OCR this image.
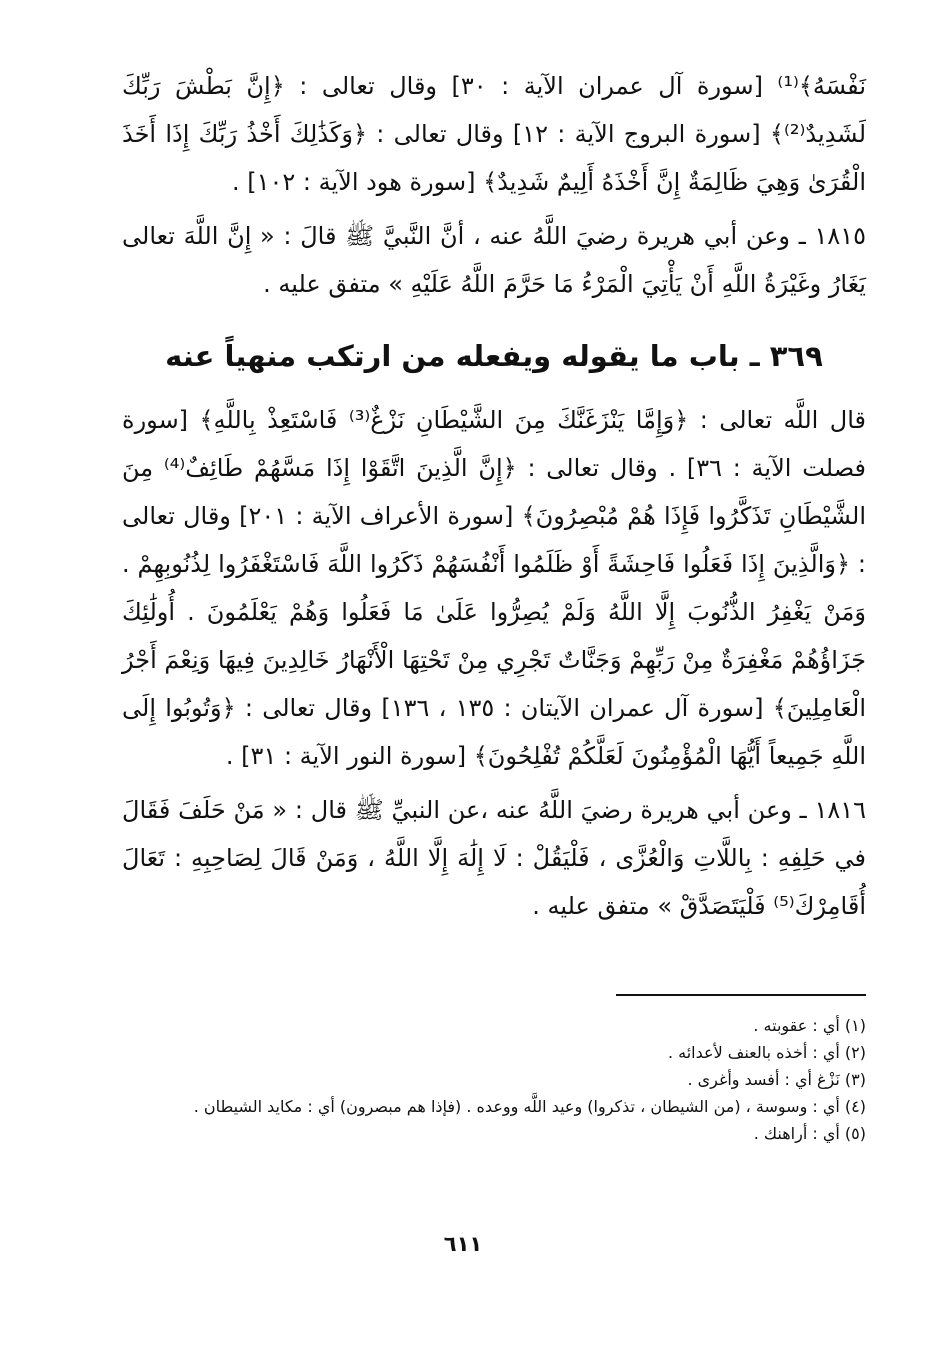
نَفْسَهُ﴾⁽¹⁾ [سورة آل عمران الآية : ٣٠] وقال تعالى : ﴿إِنَّ بَطْشَ رَبِّكَ لَشَدِيدٌ⁽²⁾﴾ [سورة البروج الآية : ١٢] وقال تعالى : ﴿وَكَذَٰلِكَ أَخْذُ رَبِّكَ إِذَا أَخَذَ الْقُرَىٰ وَهِيَ ظَالِمَةٌ إِنَّ أَخْذَهُ أَلِيمٌ شَدِيدٌ﴾ [سورة هود الآية : ١٠٢] .

١٨١٥ ـ وعن أبي هريرة رضيَ اللَّهُ عنه ، أنَّ النَّبيَّ ﷺ قالَ : « إِنَّ اللَّهَ تعالى يَغَارُ وغَيْرَةُ اللَّهِ أَنْ يَأْتِيَ الْمَرْءُ مَا حَرَّمَ اللَّهُ عَلَيْهِ » متفق عليه .

٣٦٩ ـ باب ما يقوله ويفعله من ارتكب منهياً عنه

قال اللَّه تعالى : ﴿وَإِمَّا يَنْزَغَنَّكَ مِنَ الشَّيْطَانِ نَزْغٌ⁽³⁾ فَاسْتَعِذْ بِاللَّهِ﴾ [سورة فصلت الآية : ٣٦] . وقال تعالى : ﴿إِنَّ الَّذِينَ اتَّقَوْا إِذَا مَسَّهُمْ طَائِفٌ⁽⁴⁾ مِنَ الشَّيْطَانِ تَذَكَّرُوا فَإِذَا هُمْ مُبْصِرُونَ﴾ [سورة الأعراف الآية : ٢٠١] وقال تعالى : ﴿وَالَّذِينَ إِذَا فَعَلُوا فَاحِشَةً أَوْ ظَلَمُوا أَنْفُسَهُمْ ذَكَرُوا اللَّهَ فَاسْتَغْفَرُوا لِذُنُوبِهِمْ . وَمَنْ يَغْفِرُ الذُّنُوبَ إِلَّا اللَّهُ وَلَمْ يُصِرُّوا عَلَىٰ مَا فَعَلُوا وَهُمْ يَعْلَمُونَ . أُولَٰئِكَ جَزَاؤُهُمْ مَغْفِرَةٌ مِنْ رَبِّهِمْ وَجَنَّاتٌ تَجْرِي مِنْ تَحْتِهَا الْأَنْهَارُ خَالِدِينَ فِيهَا وَنِعْمَ أَجْرُ الْعَامِلِينَ﴾ [سورة آل عمران الآيتان : ١٣٥ ، ١٣٦] وقال تعالى : ﴿وَتُوبُوا إِلَى اللَّهِ جَمِيعاً أَيُّهَا الْمُؤْمِنُونَ لَعَلَّكُمْ تُفْلِحُونَ﴾ [سورة النور الآية : ٣١] .

١٨١٦ ـ وعن أبي هريرة رضيَ اللَّهُ عنه ،عن النبيِّ ﷺ قال : « مَنْ حَلَفَ فَقَالَ في حَلِفِهِ : بِاللَّاتِ وَالْعُزَّى ، فَلْيَقُلْ : لَا إِلَٰهَ إِلَّا اللَّهُ ، وَمَنْ قَالَ لِصَاحِبِهِ : تَعَالَ أُقَامِرْكَ⁽⁵⁾ فَلْيَتَصَدَّقْ » متفق عليه .

(١) أي : عقوبته .

(٢) أي : أخذه بالعنف لأعدائه .

(٣) نَزْغ أي : أفسد وأغرى .

(٤) أي : وسوسة ، (من الشيطان ، تذكروا) وعيد اللَّه ووعده . (فإذا هم مبصرون) أي : مكايد الشيطان .

(٥) أي : أراهنك .

٦١١
